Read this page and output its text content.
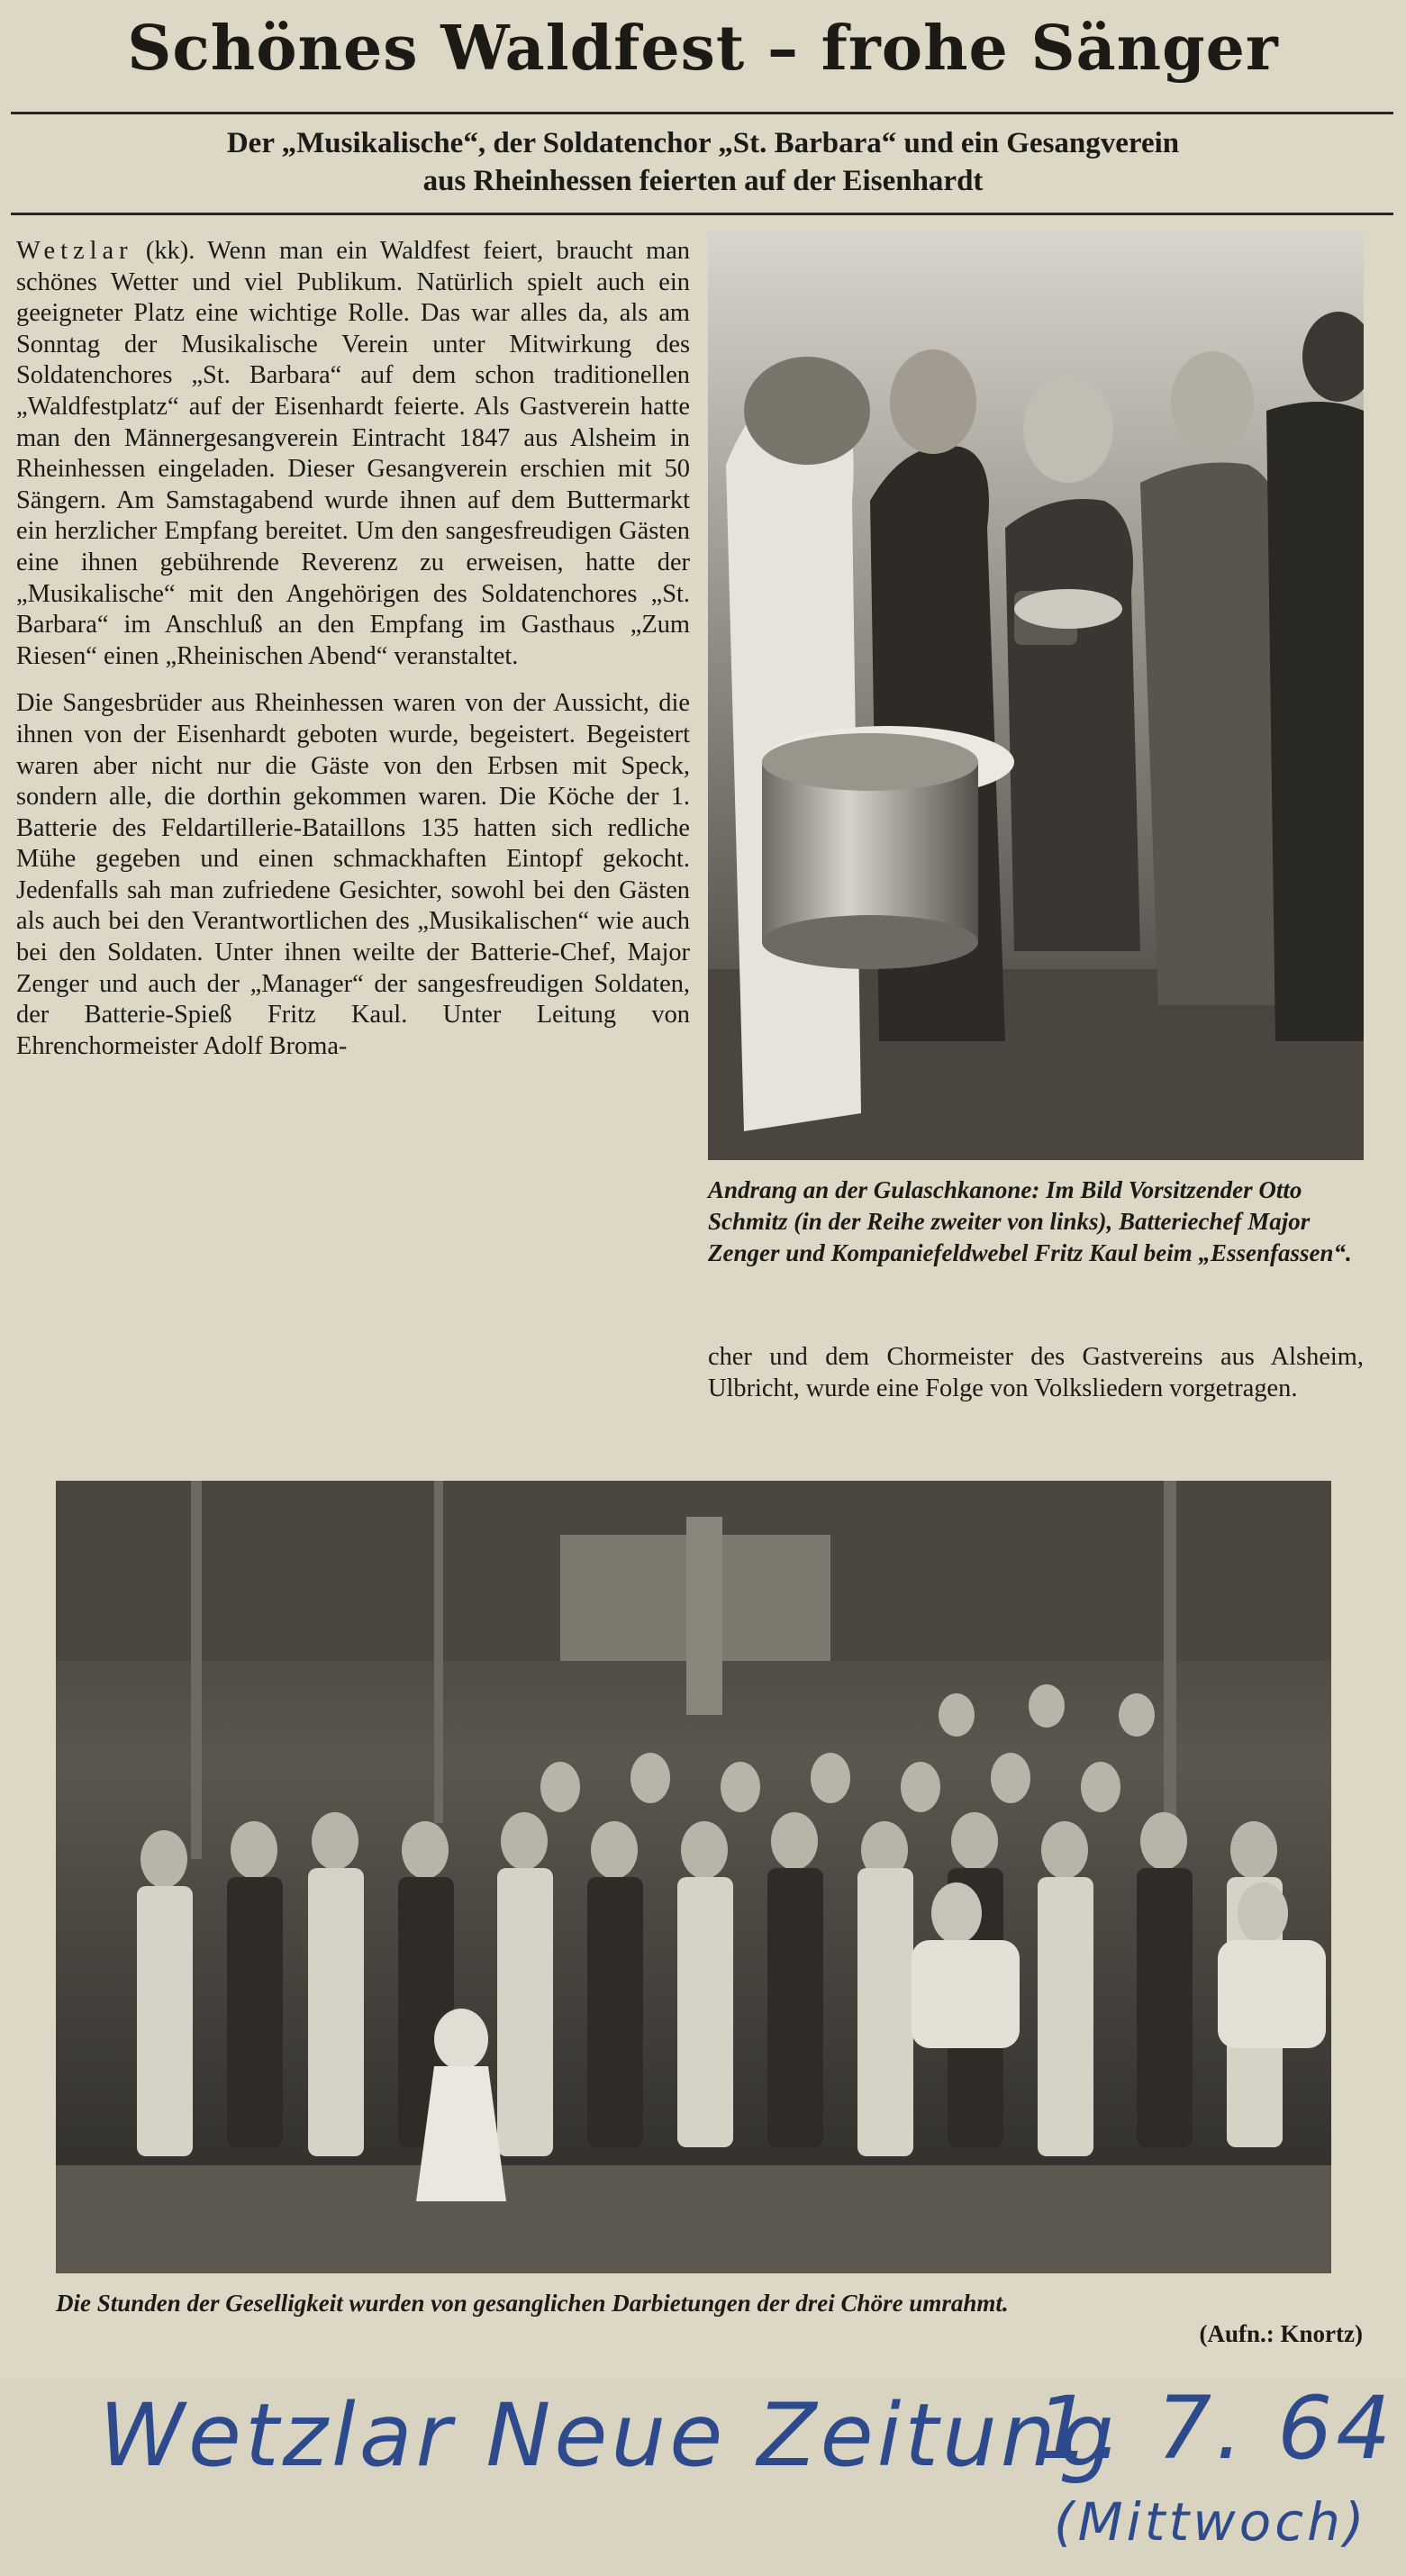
Schönes Waldfest – frohe Sänger
Der „Musikalische“, der Soldatenchor „St. Barbara“ und ein Gesangverein
aus Rheinhessen feierten auf der Eisenhardt

Wetzlar (kk). Wenn man ein Waldfest feiert, braucht man schönes Wetter und viel Publikum. Natürlich spielt auch ein geeigneter Platz eine wichtige Rolle. Das war alles da, als am Sonntag der Musikalische Verein unter Mitwirkung des Soldatenchores „St. Barbara“ auf dem schon traditionellen „Waldfestplatz“ auf der Eisenhardt feierte. Als Gastverein hatte man den Männergesangverein Eintracht 1847 aus Alsheim in Rheinhessen eingeladen. Dieser Gesangverein erschien mit 50 Sängern. Am Samstagabend wurde ihnen auf dem Buttermarkt ein herzlicher Empfang bereitet. Um den sangesfreudigen Gästen eine ihnen gebührende Reverenz zu erweisen, hatte der „Musikalische“ mit den Angehörigen des Soldatenchores „St. Barbara“ im Anschluß an den Empfang im Gasthaus „Zum Riesen“ einen „Rheinischen Abend“ veranstaltet.

Die Sangesbrüder aus Rheinhessen waren von der Aussicht, die ihnen von der Eisenhardt geboten wurde, begeistert. Begeistert waren aber nicht nur die Gäste von den Erbsen mit Speck, sondern alle, die dorthin gekommen waren. Die Köche der 1. Batterie des Feldartillerie-Bataillons 135 hatten sich redliche Mühe gegeben und einen schmackhaften Eintopf gekocht. Jedenfalls sah man zufriedene Gesichter, sowohl bei den Gästen als auch bei den Verantwortlichen des „Musikalischen“ wie auch bei den Soldaten. Unter ihnen weilte der Batterie-Chef, Major Zenger und auch der „Manager“ der sangesfreudigen Soldaten, der Batterie-Spieß Fritz Kaul. Unter Leitung von Ehrenchormeister Adolf Broma-

Andrang an der Gulaschkanone: Im Bild Vorsitzender Otto Schmitz (in der Reihe zweiter von links), Batteriechef Major Zenger und Kompaniefeldwebel Fritz Kaul beim „Essenfassen“.

cher und dem Chormeister des Gastvereins aus Alsheim, Ulbricht, wurde eine Folge von Volksliedern vorgetragen.

Die Stunden der Geselligkeit wurden von gesanglichen Darbietungen der drei Chöre umrahmt.
(Aufn.: Knortz)
Wetzlar Neue Zeitung
1. 7. 64
(Mittwoch)
